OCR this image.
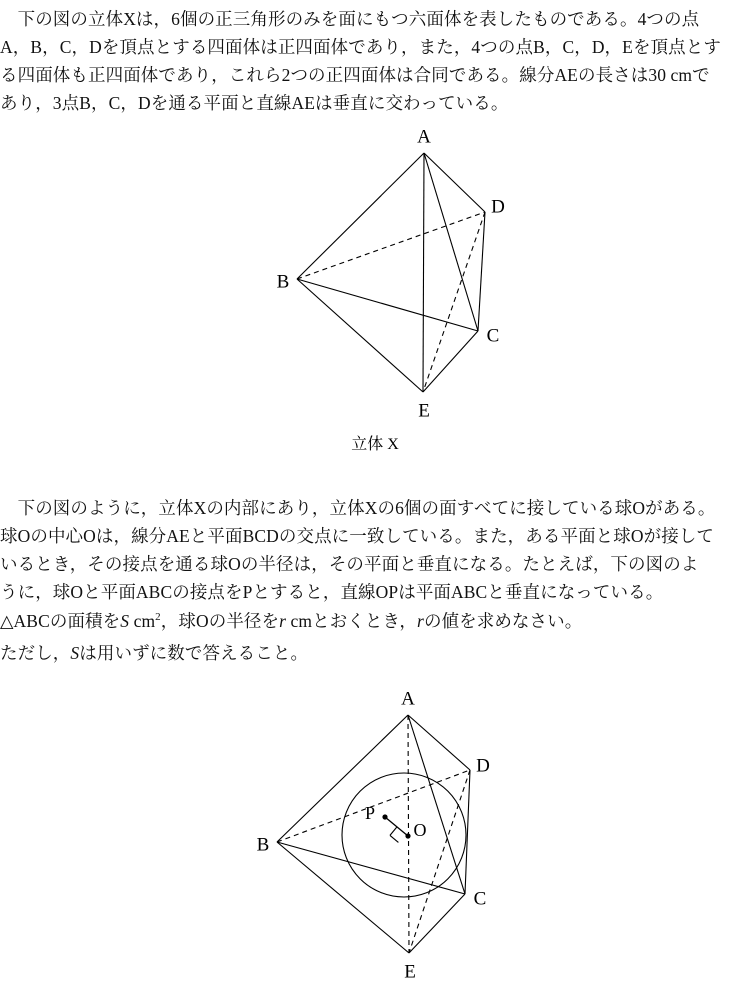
　下の図の立体Xは，6個の正三角形のみを面にもつ六面体を表したものである。4つの点
A，B，C，Dを頂点とする四面体は正四面体であり，また，4つの点B，C，D，Eを頂点とす
る四面体も正四面体であり，これら2つの正四面体は合同である。線分AEの長さは30 cmで
あり，3点B，C，Dを通る平面と直線AEは垂直に交わっている。
A
B
C
D
E
立体 X
　下の図のように，立体Xの内部にあり，立体Xの6個の面すべてに接している球Oがある。
球Oの中心Oは，線分AEと平面BCDの交点に一致している。また，ある平面と球Oが接して
いるとき，その接点を通る球Oの半径は，その平面と垂直になる。たとえば，下の図のよ
うに，球Oと平面ABCの接点をPとすると，直線OPは平面ABCと垂直になっている。
△ABCの面積をS $cm^2$，球Oの半径をr cmとおくとき，rの値を求めなさい。
ただし，Sは用いずに数で答えること。
A
B
C
D
E
O
P
